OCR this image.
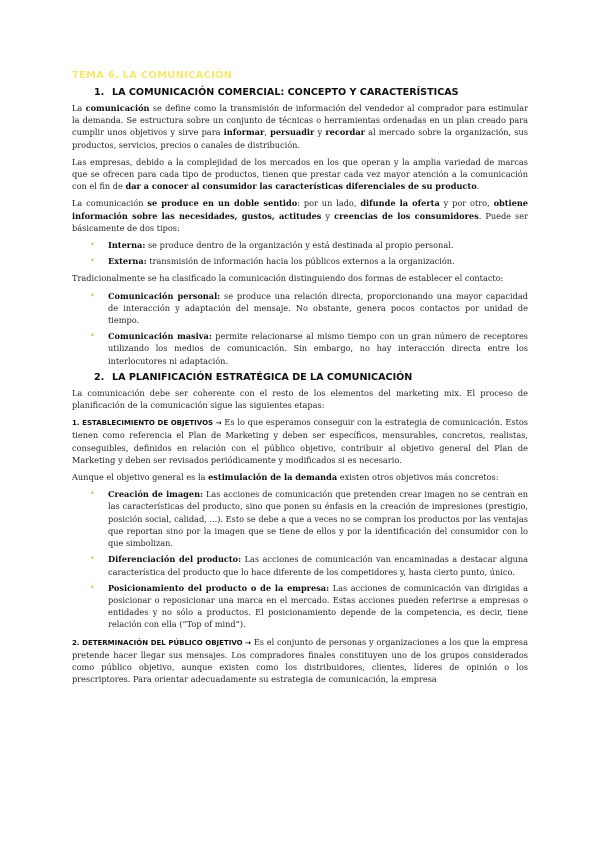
TEMA 6. LA COMUNICACIÓN
1. LA COMUNICACIÓN COMERCIAL: CONCEPTO Y CARACTERÍSTICAS

La comunicación se define como la transmisión de información del vendedor al comprador para estimular la demanda. Se estructura sobre un conjunto de técnicas o herramientas ordenadas en un plan creado para cumplir unos objetivos y sirve para informar, persuadir y recordar al mercado sobre la organización, sus productos, servicios, precios o canales de distribución.

Las empresas, debido a la complejidad de los mercados en los que operan y la amplia variedad de marcas que se ofrecen para cada tipo de productos, tienen que prestar cada vez mayor atención a la comunicación con el fin de dar a conocer al consumidor las características diferenciales de su producto.

La comunicación se produce en un doble sentido: por un lado, difunde la oferta y por otro, obtiene información sobre las necesidades, gustos, actitudes y creencias de los consumidores. Puede ser básicamente de dos tipos:

• Interna: se produce dentro de la organización y está destinada al propio personal.
• Externa: transmisión de información hacia los públicos externos a la organización.

Tradicionalmente se ha clasificado la comunicación distinguiendo dos formas de establecer el contacto:

• Comunicación personal: se produce una relación directa, proporcionando una mayor capacidad de interacción y adaptación del mensaje. No obstante, genera pocos contactos por unidad de tiempo.
• Comunicación masiva: permite relacionarse al mismo tiempo con un gran número de receptores utilizando los medios de comunicación. Sin embargo, no hay interacción directa entre los interlocutores ni adaptación.
2. LA PLANIFICACIÓN ESTRATÉGICA DE LA COMUNICACIÓN

La comunicación debe ser coherente con el resto de los elementos del marketing mix. El proceso de planificación de la comunicación sigue las siguientes etapas:

1. ESTABLECIMIENTO DE OBJETIVOS → Es lo que esperamos conseguir con la estrategia de comunicación. Estos tienen como referencia el Plan de Marketing y deben ser específicos, mensurables, concretos, realistas, conseguibles, definidos en relación con el público objetivo, contribuir al objetivo general del Plan de Marketing y deben ser revisados periódicamente y modificados si es necesario.

Aunque el objetivo general es la estimulación de la demanda existen otros objetivos más concretos:

• Creación de imagen: Las acciones de comunicación que pretenden crear imagen no se centran en las características del producto, sino que ponen su énfasis en la creación de impresiones (prestigio, posición social, calidad, ...). Esto se debe a que a veces no se compran los productos por las ventajas que reportan sino por la imagen que se tiene de ellos y por la identificación del consumidor con lo que simbolizan.
• Diferenciación del producto: Las acciones de comunicación van encaminadas a destacar alguna característica del producto que lo hace diferente de los competidores y, hasta cierto punto, único.
• Posicionamiento del producto o de la empresa: Las acciones de comunicación van dirigidas a posicionar o reposicionar una marca en el mercado. Estas acciones pueden referirse a empresas o entidades y no sólo a productos. El posicionamiento depende de la competencia, es decir, tiene relación con ella (“Top of mind”).

2. DETERMINACIÓN DEL PÚBLICO OBJETIVO → Es el conjunto de personas y organizaciones a los que la empresa pretende hacer llegar sus mensajes. Los compradores finales constituyen uno de los grupos considerados como público objetivo, aunque existen como los distribuidores, clientes, líderes de opinión o los prescriptores. Para orientar adecuadamente su estrategia de comunicación, la empresa
